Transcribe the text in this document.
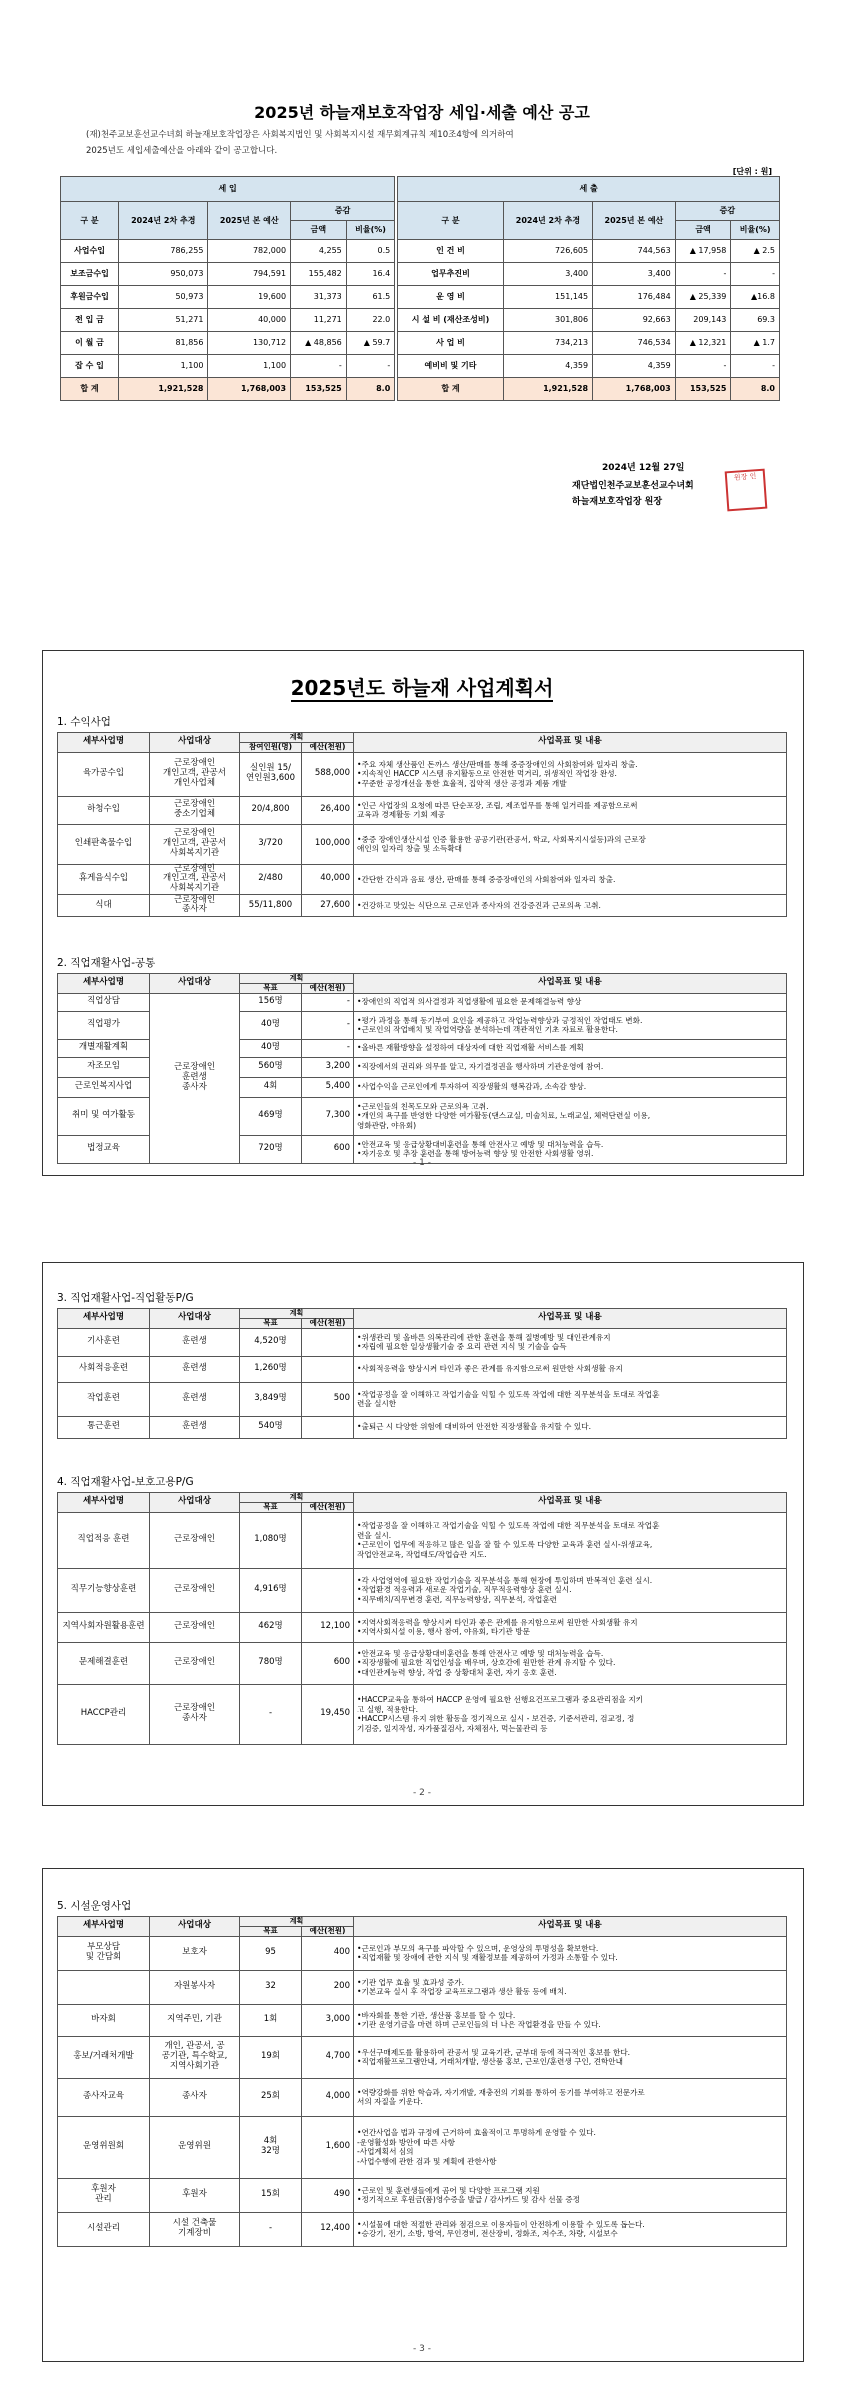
2025년 하늘재보호작업장 세입·세출 예산 공고
(재)천주교보훈선교수녀회 하늘재보호작업장은 사회복지법인 및 사회복지시설 재무회계규칙 제10조4항에 의거하여
2025년도 세입세출예산을 아래와 같이 공고합니다.
[단위 : 원]
세 입						세 출				
구 분	2024년 2차 추경	2025년 본 예산	증감			구 분	2024년 2차 추경	2025년 본 예산	증감	
			금액	비율(%)					금액	비율(%)
사업수입	786,255	782,000	4,255	0.5		인 건 비	726,605	744,563	▲ 17,958	▲ 2.5
보조금수입	950,073	794,591	155,482	16.4		업무추진비	3,400	3,400	-	-
후원금수입	50,973	19,600	31,373	61.5		운 영 비	151,145	176,484	▲ 25,339	▲16.8
전 입 금	51,271	40,000	11,271	22.0		시 설 비 (재산조성비)	301,806	92,663	209,143	69.3
이 월 금	81,856	130,712	▲ 48,856	▲ 59.7		사 업 비	734,213	746,534	▲ 12,321	▲ 1.7
잡 수 입	1,100	1,100	-	-		예비비 및 기타	4,359	4,359	-	-
합 계	1,921,528	1,768,003	153,525	8.0		합 계	1,921,528	1,768,003	153,525	8.0
2024년 12월 27일
재단법인천주교보훈선교수녀회
하늘재보호작업장 원장
원장 인
2025년도 하늘재 사업계획서
1. 수익사업
세부사업명	사업대상	계획		사업목표 및 내용
		참여인원(명)	예산(천원)	
육가공수입	근로장애인
개인고객, 관공서
개인사업체	실인원 15/
연인원3,600	588,000	•주요 자체 생산품인 돈까스 생산/판매를 통해 중증장애인의 사회참여와 일자리 창출.
•지속적인 HACCP 시스템 유지활동으로 안전한 먹거리, 위생적인 작업장 완성.
•꾸준한 공정개선을 통한 효율적, 집약적 생산 공정과 제품 개발
하청수입	근로장애인
중소기업체	20/4,800	26,400	•인근 사업장의 요청에 따른 단순포장, 조립, 제조업무를 통해 일거리를 제공함으로써
교육과 경제활동 기회 제공
인쇄판촉물수입	근로장애인
개인고객, 관공서
사회복지기관	3/720	100,000	•중증 장애인생산시설 인증 활용한 공공기관(관공서, 학교, 사회복지시설등)과의 근로장
애인의 일자리 창출 및 소득확대
휴게음식수입	근로장애인
개인고객, 관공서
사회복지기관	2/480	40,000	•간단한 간식과 음료 생산, 판매를 통해 중증장애인의 사회참여와 일자리 창출.
식대	근로장애인
종사자	55/11,800	27,600	•건강하고 맛있는 식단으로 근로인과 종사자의 건강증진과 근로의욕 고취.
2. 직업재활사업-공통
세부사업명	사업대상	계획		사업목표 및 내용
		목표	예산(천원)	
직업상담	근로장애인
훈련생
종사자	156명	-	•장애인의 직업적 의사결정과 직업생활에 필요한 문제해결능력 향상
직업평가		40명	-	•평가 과정을 통해 동기부여 요인을 제공하고 작업능력향상과 긍정적인 작업태도 변화.
•근로인의 작업배치 및 작업역량을 분석하는데 객관적인 기초 자료로 활용한다.
개별재활계획		40명	-	•올바른 재활방향을 설정하여 대상자에 대한 직업재활 서비스를 계획
자조모임		560명	3,200	•직장에서의 권리와 의무를 알고, 자기결정권을 행사하며 기관운영에 참여.
근로인복지사업		4회	5,400	•사업수익을 근로인에게 투자하여 직장생활의 행복감과, 소속감 향상.
취미 및 여가활동		469명	7,300	•근로인들의 친목도모와 근로의욕 고취.
•개인의 욕구를 반영한 다양한 여가활동(댄스교실, 미술치료, 노래교실, 체력단련실 이용,
영화관람, 야유회)
법정교육		720명	600	•안전교육 및 응급상황대비훈련을 통해 안전사고 예방 및 대처능력을 습득.
•자기옹호 및 추장 훈련을 통해 방어능력 향상 및 안전한 사회생활 영위.
- 1 -
3. 직업재활사업-직업활동P/G
세부사업명	사업대상	계획		사업목표 및 내용
		목표	예산(천원)	
기사훈련	훈련생	4,520명		•위생관리 및 올바른 의복관리에 관한 훈련을 통해 질병예방 및 대인관계유지
•자립에 필요한 일상생활기술 중 요리 관련 지식 및 기술을 습득
사회적응훈련	훈련생	1,260명		•사회적응력을 향상시켜 타인과 좋은 관계를 유지함으로써 원만한 사회생활 유지
작업훈련	훈련생	3,849명	500	•작업공정을 잘 이해하고 작업기술을 익힐 수 있도록 작업에 대한 직무분석을 토대로 작업훈
련을 실시한
통근훈련	훈련생	540명		•출퇴근 시 다양한 위험에 대비하여 안전한 직장생활을 유지할 수 있다.
4. 직업재활사업-보호고용P/G
세부사업명	사업대상	계획		사업목표 및 내용
		목표	예산(천원)	
직업적응 훈련	근로장애인	1,080명		•작업공정을 잘 이해하고 작업기술을 익힐 수 있도록 작업에 대한 직무분석을 토대로 작업훈
련을 실시.
•근로인이 업무에 적응하고 많은 일을 잘 할 수 있도록 다양한 교육과 훈련 실시-위생교육,
작업안전교육, 작업태도/작업습관 지도.
직무기능향상훈련	근로장애인	4,916명		•각 사업영역에 필요한 작업기술을 직무분석을 통해 현장에 투입하며 반복적인 훈련 실시.
•작업환경 적응력과 새로운 작업기술, 직무적응력향상 훈련 실시.
•직무배치/직무변경 훈련, 직무능력향상, 직무분석, 작업훈련
지역사회자원활용훈련	근로장애인	462명	12,100	•지역사회적응력을 향상시켜 타인과 좋은 관계를 유지함으로써 원만한 사회생활 유지
•지역사회시설 이용, 행사 참여, 야유회, 타기관 방문
문제해결훈련	근로장애인	780명	600	•안전교육 및 응급상황대비훈련을 통해 안전사고 예방 및 대처능력을 습득.
•직장생활에 필요한 직업인성을 배우며, 상호간에 원만한 관계 유지할 수 있다.
•대인관계능력 향상, 작업 중 상황대처 훈련, 자기 옹호 훈련.
HACCP관리	근로장애인
종사자	-	19,450	•HACCP교육을 통하여 HACCP 운영에 필요한 선행요건프로그램과 중요관리점을 지키
고 실행, 적용한다.
•HACCP시스템 유지 위한 활동을 정기적으로 실시 - 보건증, 기준서관리, 검교정, 정
기검증, 일지작성, 자가품질검사, 자체점사, 먹는물관리 등
- 2 -
5. 시설운영사업
세부사업명	사업대상	계획		사업목표 및 내용
		목표	예산(천원)	
부모상담
및 간담회	보호자	95	400	•근로인과 부모의 욕구를 파악할 수 있으며, 운영상의 투명성을 확보한다.
•직업재활 및 장애에 관한 지식 및 재활정보를 제공하여 가정과 소통할 수 있다.
	자원봉사자	32	200	•기관 업무 효율 및 효과성 증가.
•기본교육 실시 후 작업장 교육프로그램과 생산 활동 등에 배치.
바자회	지역주민, 기관	1회	3,000	•바자회를 통한 기관, 생산품 홍보를 할 수 있다.
•기관 운영기금을 마련 하며 근로인들의 더 나은 작업환경을 만들 수 있다.
홍보/거래처개발	개인, 관공서, 공
공기관, 특수학교,
지역사회기관	19회	4,700	•우선구매제도를 활용하여 관공서 및 교육기관, 군부대 등에 적극적인 홍보를 한다.
•직업재활프로그램안내, 거래처개발, 생산품 홍보, 근로인/훈련생 구인, 견학안내
종사자교육	종사자	25회	4,000	•역량강화를 위한 학습과, 자기개발, 재충전의 기회를 통하여 동기를 부여하고 전문가로
서의 자질을 키운다.
운영위원회	운영위원	4회
32명	1,600	•연간사업을 법과 규정에 근거하여 효율적이고 투명하게 운영할 수 있다.
-운영활성화 방안에 따른 사항
-사업계획서 심의
-사업수행에 관한 검과 및 계획에 관한사항
후원자
관리	후원자	15회	490	•근로인 및 훈련생들에게 곰어 및 다양한 프로그램 지원
•정기적으로 후원금(품)영수증을 발급 / 감사카드 및 감사 선물 증정
시설관리	시설 건축물
기계장비	-	12,400	•시설물에 대한 적절한 관리와 점검으로 이용자들이 안전하게 이용할 수 있도록 돕는다.
•승강기, 전기, 소방, 방역, 무인경비, 전산장비, 정화조, 저수조, 차량, 시설보수
- 3 -
